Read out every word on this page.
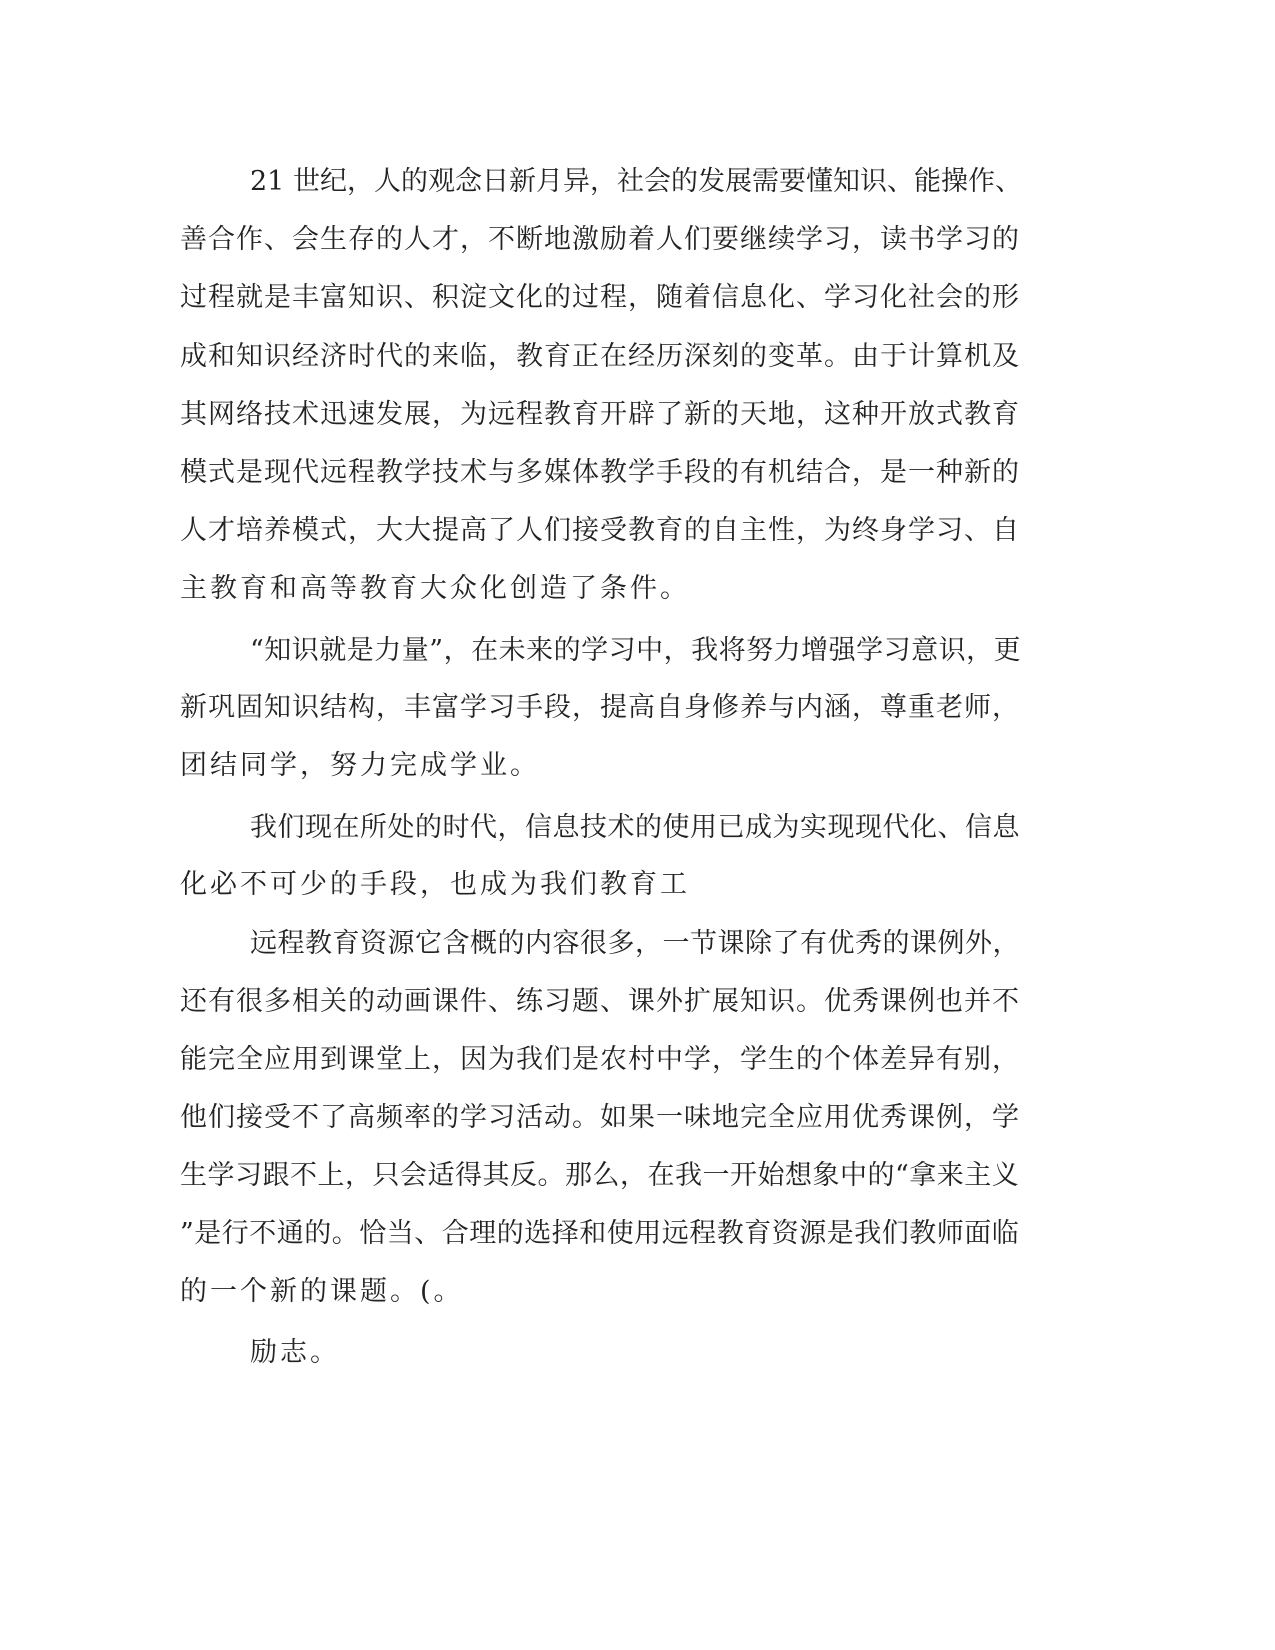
21 世纪，人的观念日新月异，社会的发展需要懂知识、能操作、

善合作、会生存的人才，不断地激励着人们要继续学习，读书学习的

过程就是丰富知识、积淀文化的过程，随着信息化、学习化社会的形

成和知识经济时代的来临，教育正在经历深刻的变革。由于计算机及

其网络技术迅速发展，为远程教育开辟了新的天地，这种开放式教育

模式是现代远程教学技术与多媒体教学手段的有机结合，是一种新的

人才培养模式，大大提高了人们接受教育的自主性，为终身学习、自

主教育和高等教育大众化创造了条件。

“知识就是力量”，在未来的学习中，我将努力增强学习意识，更

新巩固知识结构，丰富学习手段，提高自身修养与内涵，尊重老师，

团结同学，努力完成学业。

我们现在所处的时代，信息技术的使用已成为实现现代化、信息

化必不可少的手段，也成为我们教育工

远程教育资源它含概的内容很多，一节课除了有优秀的课例外，

还有很多相关的动画课件、练习题、课外扩展知识。优秀课例也并不

能完全应用到课堂上，因为我们是农村中学，学生的个体差异有别，

他们接受不了高频率的学习活动。如果一味地完全应用优秀课例，学

生学习跟不上，只会适得其反。那么，在我一开始想象中的“拿来主义

”是行不通的。恰当、合理的选择和使用远程教育资源是我们教师面临

的一个新的课题。(。

励志。
